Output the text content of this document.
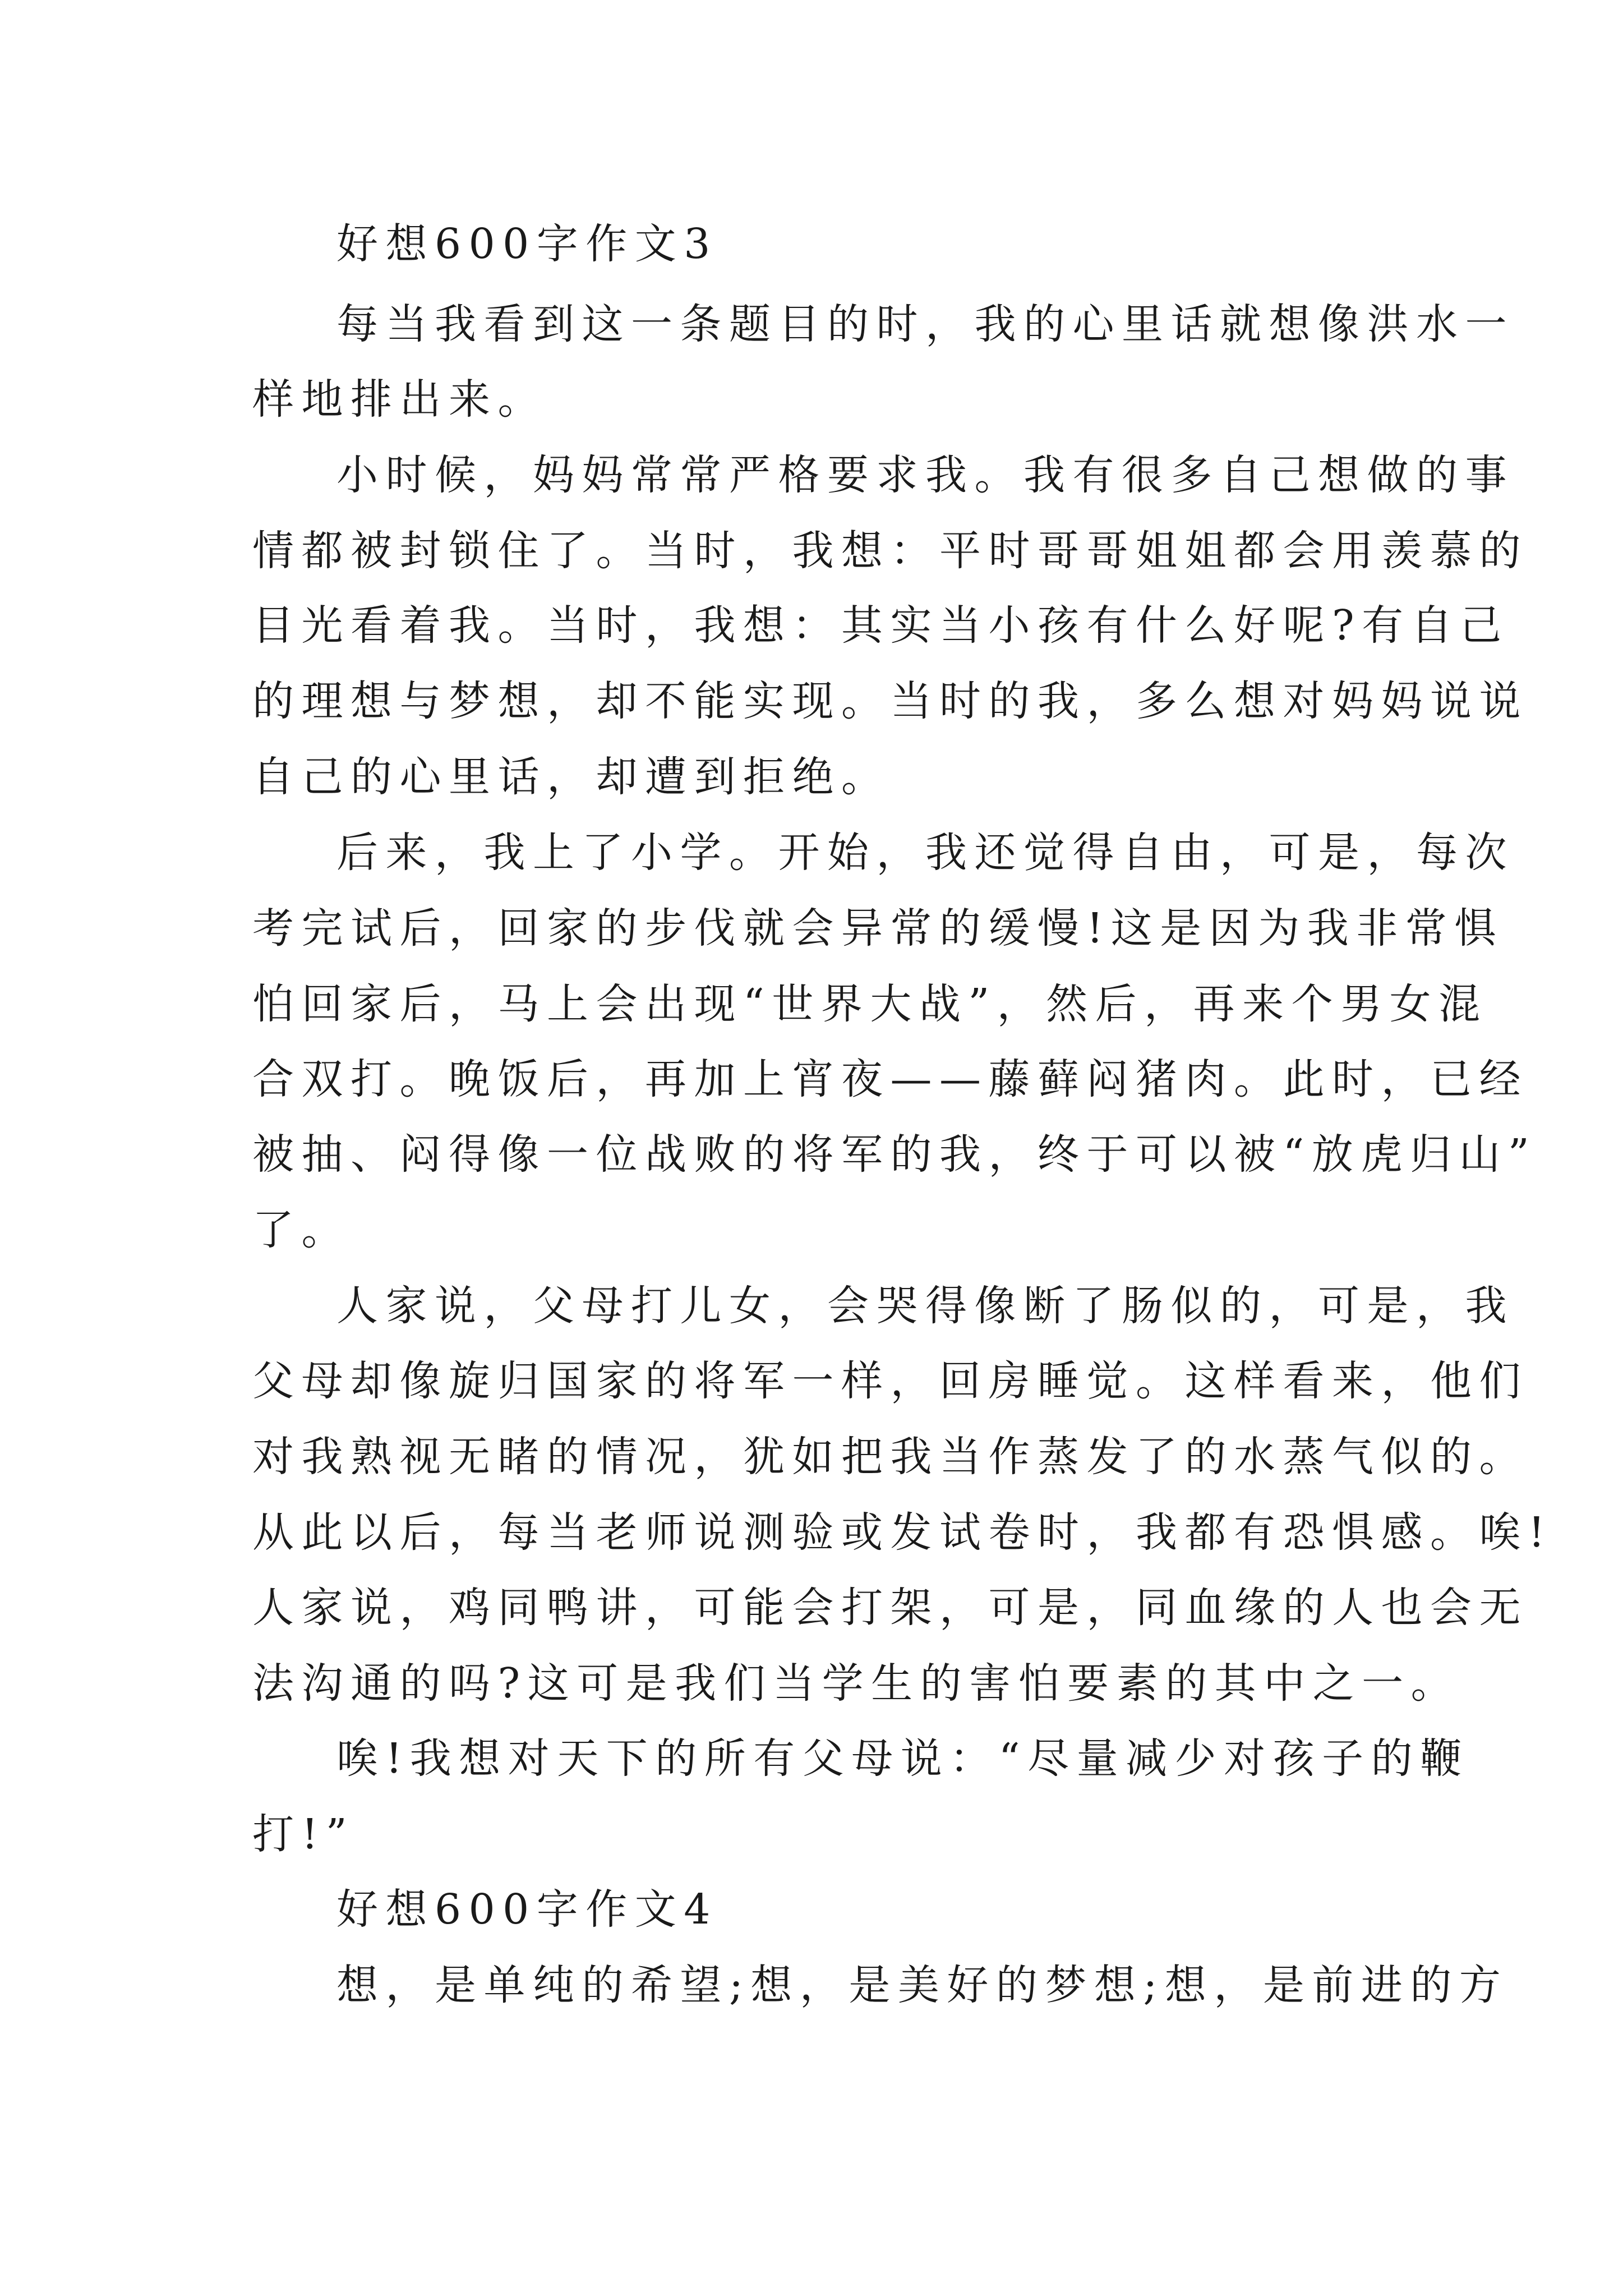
好想600字作文3
每当我看到这一条题目的时，我的心里话就想像洪水一
样地排出来。
小时候，妈妈常常严格要求我。我有很多自己想做的事
情都被封锁住了。当时，我想：平时哥哥姐姐都会用羡慕的
目光看着我。当时，我想：其实当小孩有什么好呢?有自己
的理想与梦想，却不能实现。当时的我，多么想对妈妈说说
自己的心里话，却遭到拒绝。
后来，我上了小学。开始，我还觉得自由，可是，每次
考完试后，回家的步伐就会异常的缓慢!这是因为我非常惧
怕回家后，马上会出现“世界大战”，然后，再来个男女混
合双打。晚饭后，再加上宵夜——藤藓闷猪肉。此时，已经
被抽、闷得像一位战败的将军的我，终于可以被“放虎归山”
了。
人家说，父母打儿女，会哭得像断了肠似的，可是，我
父母却像旋归国家的将军一样，回房睡觉。这样看来，他们
对我熟视无睹的情况，犹如把我当作蒸发了的水蒸气似的。
从此以后，每当老师说测验或发试卷时，我都有恐惧感。唉!
人家说，鸡同鸭讲，可能会打架，可是，同血缘的人也会无
法沟通的吗?这可是我们当学生的害怕要素的其中之一。
唉!我想对天下的所有父母说：“尽量减少对孩子的鞭
打!”
好想600字作文4
想，是单纯的希望;想，是美好的梦想;想，是前进的方
